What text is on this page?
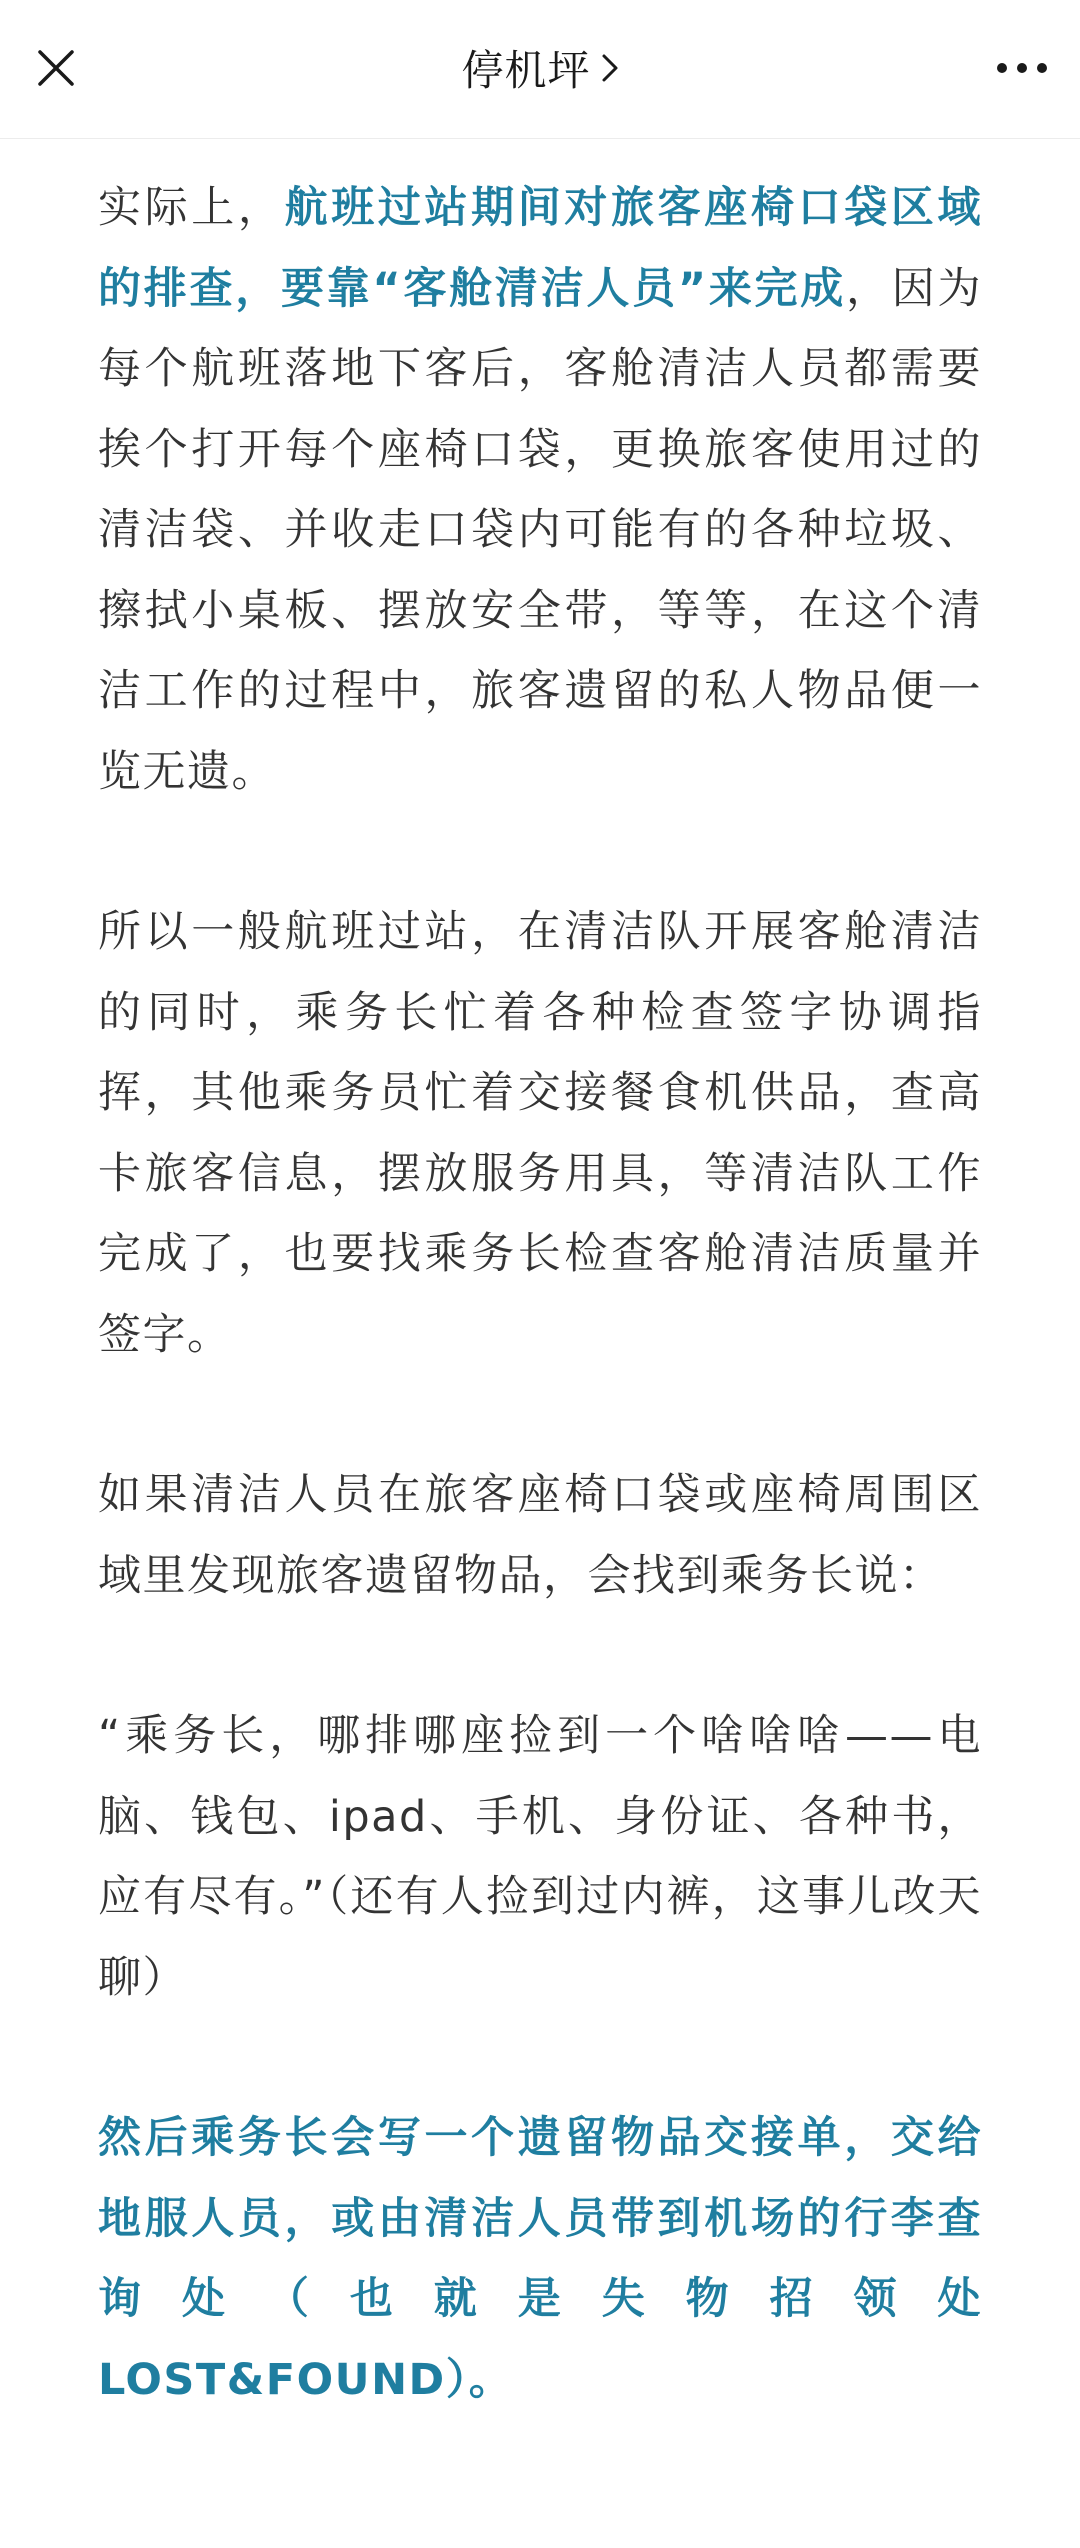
停机坪

实际上，航班过站期间对旅客座椅口袋区域的排查，要靠“客舱清洁人员”来完成，因为每个航班落地下客后，客舱清洁人员都需要挨个打开每个座椅口袋，更换旅客使用过的清洁袋、并收走口袋内可能有的各种垃圾、擦拭小桌板、摆放安全带，等等，在这个清洁工作的过程中，旅客遗留的私人物品便一览无遗。

所以一般航班过站，在清洁队开展客舱清洁的同时，乘务长忙着各种检查签字协调指挥，其他乘务员忙着交接餐食机供品，查高卡旅客信息，摆放服务用具，等清洁队工作完成了，也要找乘务长检查客舱清洁质量并签字。

如果清洁人员在旅客座椅口袋或座椅周围区域里发现旅客遗留物品，会找到乘务长说：

“乘务长，哪排哪座捡到一个啥啥啥——电脑、钱包、ipad、手机、身份证、各种书，应有尽有。”（还有人捡到过内裤，这事儿改天聊）

然后乘务长会写一个遗留物品交接单，交给地服人员，或由清洁人员带到机场的行李查询处（也就是失物招领处LOST&FOUND）。
